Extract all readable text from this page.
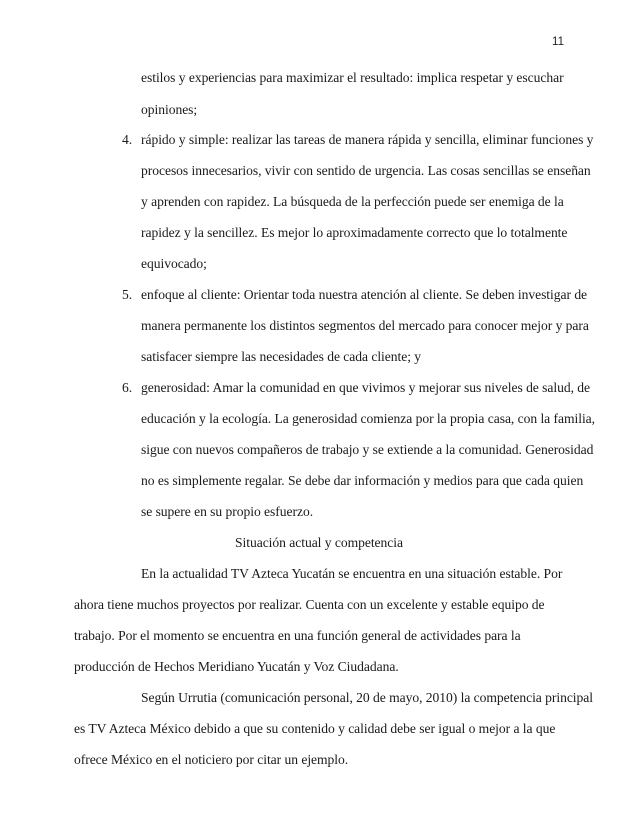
11
estilos y experiencias para maximizar el resultado: implica respetar y escuchar
opiniones;
4. rápido y simple: realizar las tareas de manera rápida y sencilla, eliminar funciones y
procesos innecesarios, vivir con sentido de urgencia. Las cosas sencillas se enseñan
y aprenden con rapidez. La búsqueda de la perfección puede ser enemiga de la
rapidez y la sencillez. Es mejor lo aproximadamente correcto que lo totalmente
equivocado;
5. enfoque al cliente: Orientar toda nuestra atención al cliente. Se deben investigar de
manera permanente los distintos segmentos del mercado para conocer mejor y para
satisfacer siempre las necesidades de cada cliente; y
6. generosidad: Amar la comunidad en que vivimos y mejorar sus niveles de salud, de
educación y la ecología. La generosidad comienza por la propia casa, con la familia,
sigue con nuevos compañeros de trabajo y se extiende a la comunidad. Generosidad
no es simplemente regalar. Se debe dar información y medios para que cada quien
se supere en su propio esfuerzo.
Situación actual y competencia
En la actualidad TV Azteca Yucatán se encuentra en una situación estable. Por
ahora tiene muchos proyectos por realizar. Cuenta con un excelente y estable equipo de
trabajo. Por el momento se encuentra en una función general de actividades para la
producción de Hechos Meridiano Yucatán y Voz Ciudadana.
Según Urrutia (comunicación personal, 20 de mayo, 2010) la competencia principal
es TV Azteca México debido a que su contenido y calidad debe ser igual o mejor a la que
ofrece México en el noticiero por citar un ejemplo.
